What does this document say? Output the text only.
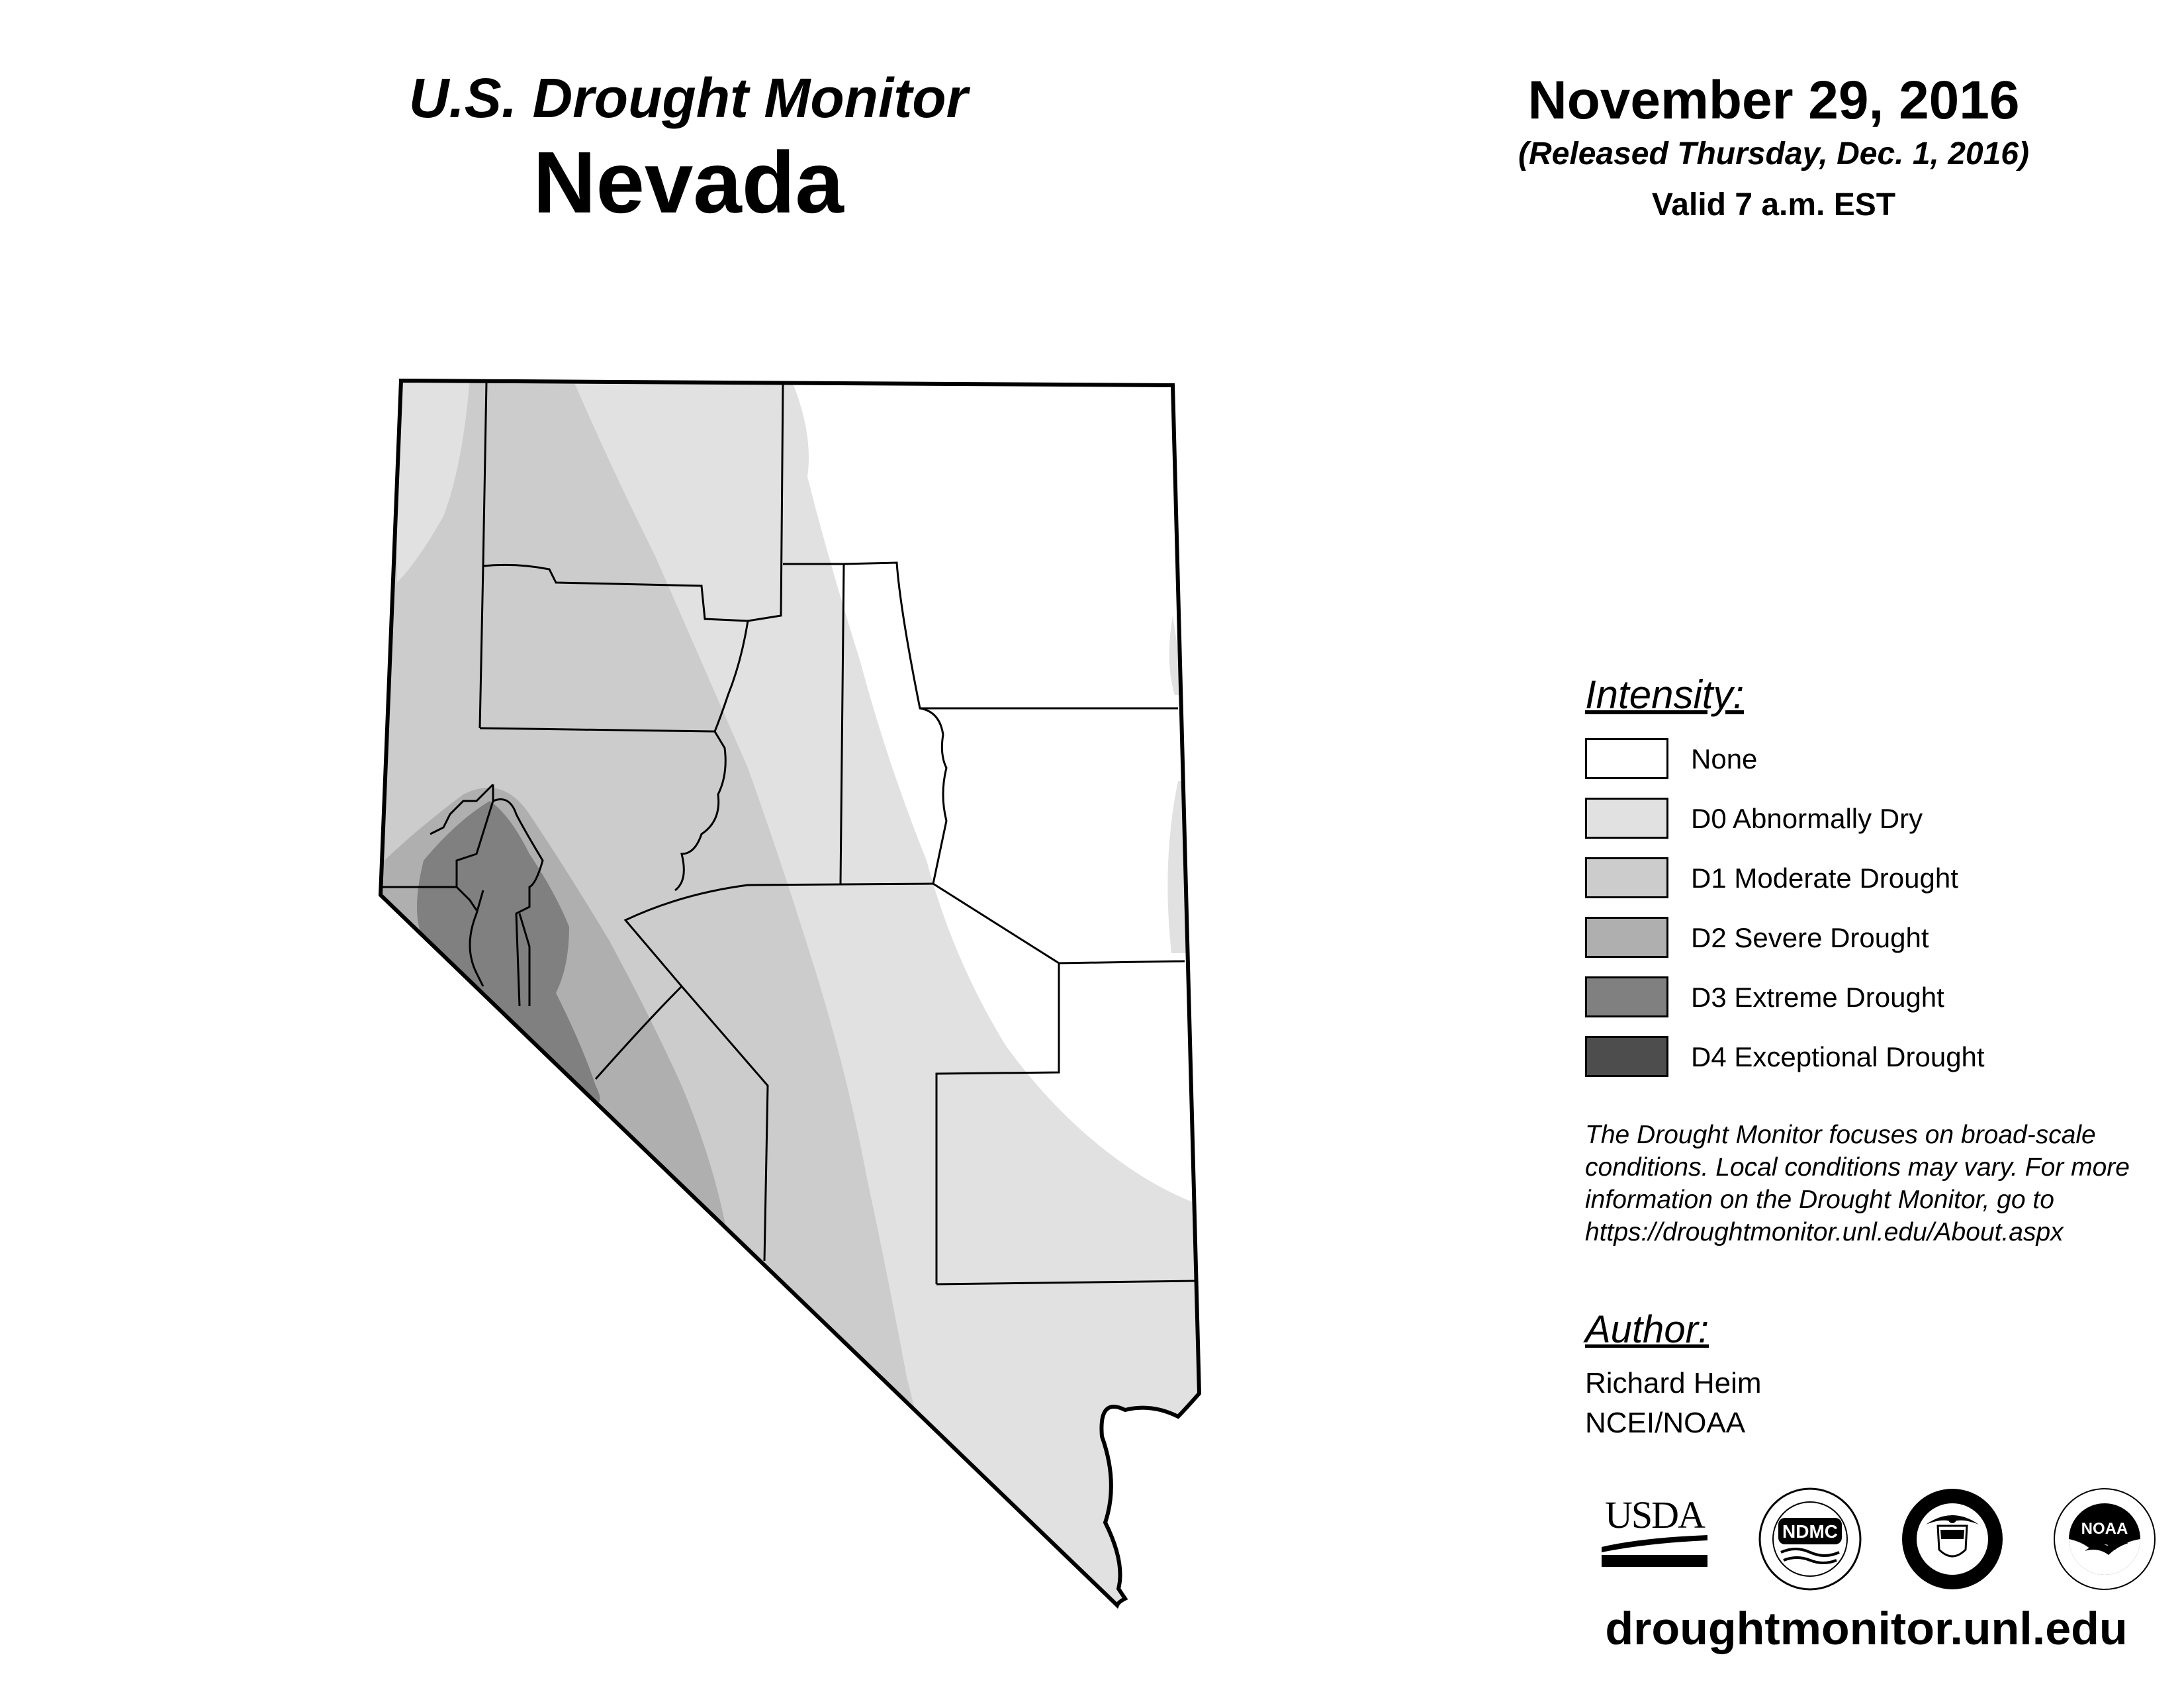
U.S. Drought Monitor
Nevada
November 29, 2016
(Released Thursday, Dec. 1, 2016)
Valid 7 a.m. EST
Intensity:
None
D0 Abnormally Dry
D1 Moderate Drought
D2 Severe Drought
D3 Extreme Drought
D4 Exceptional Drought
The Drought Monitor focuses on broad-scale conditions. Local conditions may vary. For more information on the Drought Monitor, go to https://droughtmonitor.unl.edu/About.aspx
Author:
Richard Heim
NCEI/NOAA
USDA	NDMC	NOAA
droughtmonitor.unl.edu
